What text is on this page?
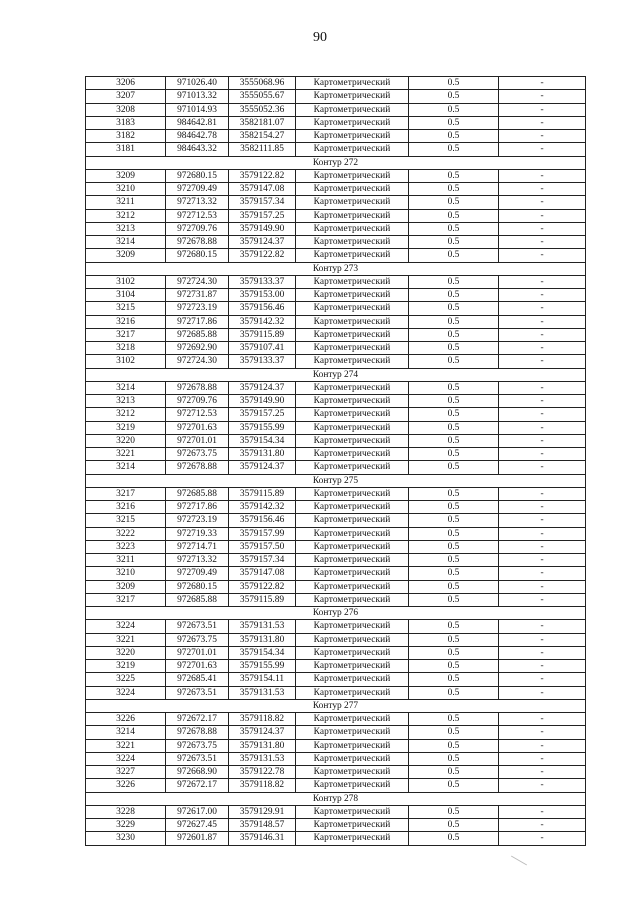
90
3206	971026.40	3555068.96	Картометрический	0.5	-
3207	971013.32	3555055.67	Картометрический	0.5	-
3208	971014.93	3555052.36	Картометрический	0.5	-
3183	984642.81	3582181.07	Картометрический	0.5	-
3182	984642.78	3582154.27	Картометрический	0.5	-
3181	984643.32	3582111.85	Картометрический	0.5	-
Контур 272					
3209	972680.15	3579122.82	Картометрический	0.5	-
3210	972709.49	3579147.08	Картометрический	0.5	-
3211	972713.32	3579157.34	Картометрический	0.5	-
3212	972712.53	3579157.25	Картометрический	0.5	-
3213	972709.76	3579149.90	Картометрический	0.5	-
3214	972678.88	3579124.37	Картометрический	0.5	-
3209	972680.15	3579122.82	Картометрический	0.5	-
Контур 273					
3102	972724.30	3579133.37	Картометрический	0.5	-
3104	972731.87	3579153.00	Картометрический	0.5	-
3215	972723.19	3579156.46	Картометрический	0.5	-
3216	972717.86	3579142.32	Картометрический	0.5	-
3217	972685.88	3579115.89	Картометрический	0.5	-
3218	972692.90	3579107.41	Картометрический	0.5	-
3102	972724.30	3579133.37	Картометрический	0.5	-
Контур 274					
3214	972678.88	3579124.37	Картометрический	0.5	-
3213	972709.76	3579149.90	Картометрический	0.5	-
3212	972712.53	3579157.25	Картометрический	0.5	-
3219	972701.63	3579155.99	Картометрический	0.5	-
3220	972701.01	3579154.34	Картометрический	0.5	-
3221	972673.75	3579131.80	Картометрический	0.5	-
3214	972678.88	3579124.37	Картометрический	0.5	-
Контур 275					
3217	972685.88	3579115.89	Картометрический	0.5	-
3216	972717.86	3579142.32	Картометрический	0.5	-
3215	972723.19	3579156.46	Картометрический	0.5	-
3222	972719.33	3579157.99	Картометрический	0.5	-
3223	972714.71	3579157.50	Картометрический	0.5	-
3211	972713.32	3579157.34	Картометрический	0.5	-
3210	972709.49	3579147.08	Картометрический	0.5	-
3209	972680.15	3579122.82	Картометрический	0.5	-
3217	972685.88	3579115.89	Картометрический	0.5	-
Контур 276					
3224	972673.51	3579131.53	Картометрический	0.5	-
3221	972673.75	3579131.80	Картометрический	0.5	-
3220	972701.01	3579154.34	Картометрический	0.5	-
3219	972701.63	3579155.99	Картометрический	0.5	-
3225	972685.41	3579154.11	Картометрический	0.5	-
3224	972673.51	3579131.53	Картометрический	0.5	-
Контур 277					
3226	972672.17	3579118.82	Картометрический	0.5	-
3214	972678.88	3579124.37	Картометрический	0.5	-
3221	972673.75	3579131.80	Картометрический	0.5	-
3224	972673.51	3579131.53	Картометрический	0.5	-
3227	972668.90	3579122.78	Картометрический	0.5	-
3226	972672.17	3579118.82	Картометрический	0.5	-
Контур 278					
3228	972617.00	3579129.91	Картометрический	0.5	-
3229	972627.45	3579148.57	Картометрический	0.5	-
3230	972601.87	3579146.31	Картометрический	0.5	-
